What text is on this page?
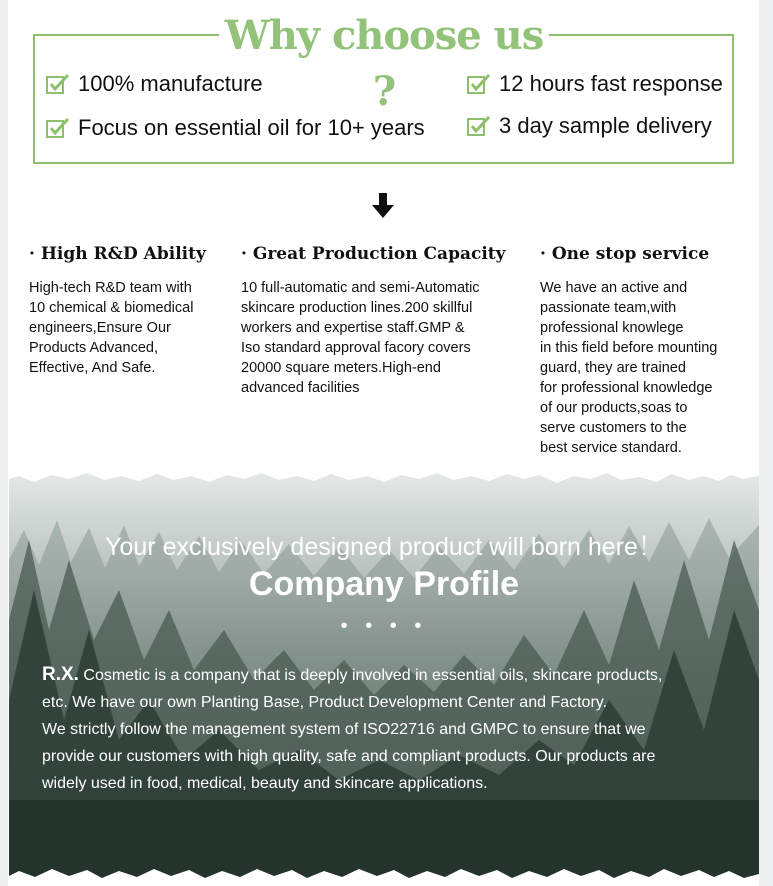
Why choose us ?
100% manufacture	12 hours fast response
Focus on essential oil for 10+ years	3 day sample delivery
· High R&D Ability
High-tech R&D team with
10 chemical & biomedical
engineers,Ensure Our
Products Advanced,
Effective, And Safe.
· Great Production Capacity
10 full-automatic and semi-Automatic
skincare production lines.200 skillful
workers and expertise staff.GMP &
Iso standard approval facory covers
20000 square meters.High-end
advanced facilities
· One stop service
We have an active and
passionate team,with
professional knowlege
in this field before mounting
guard, they are trained
for professional knowledge
of our products,soas to
serve customers to the
best service standard.
Your exclusively designed product will born here！
Company Profile
• • • •
R.X. Cosmetic is a company that is deeply involved in essential oils, skincare products,
etc. We have our own Planting Base, Product Development Center and Factory.
We strictly follow the management system of ISO22716 and GMPC to ensure that we
provide our customers with high quality, safe and compliant products. Our products are
widely used in food, medical, beauty and skincare applications.
